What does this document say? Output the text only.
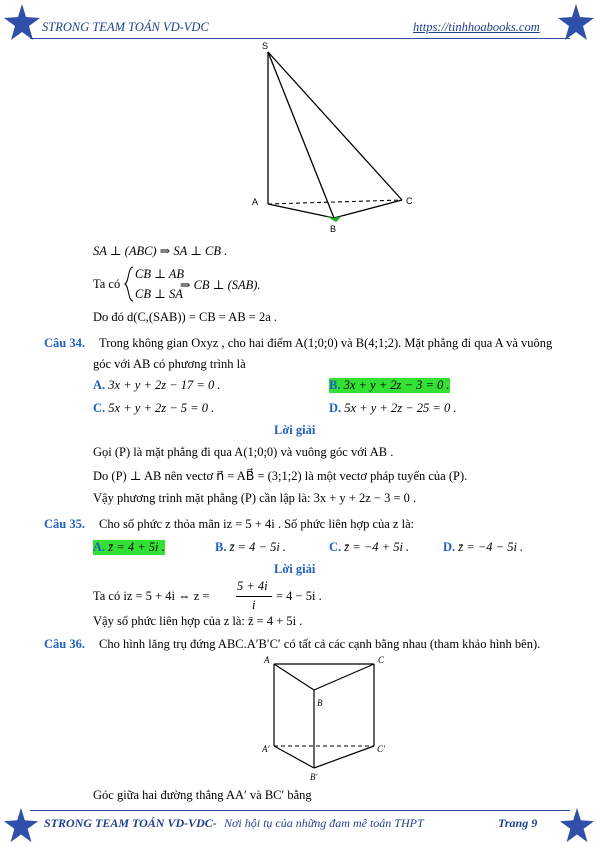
STRONG TEAM TOÁN VD-VDC	https://tinhhoabooks.com
S
A
B
C
SA ⊥ (ABC) ⇒ SA ⊥ CB .
Ta có
CB ⊥ AB
CB ⊥ SA
⇒ CB ⊥ (SAB).
Do đó d(C,(SAB)) = CB = AB = 2a .
Câu 34. Trong không gian Oxyz , cho hai điểm A(1;0;0) và B(4;1;2). Mặt phẳng đi qua A và vuông
góc với AB có phương trình là
A. 3x + y + 2z − 17 = 0 .	B. 3x + y + 2z − 3 = 0 .
C. 5x + y + 2z − 5 = 0 .	D. 5x + y + 2z − 25 = 0 .
Lời giải
Gọi (P) là mặt phẳng đi qua A(1;0;0) và vuông góc với AB .
Do (P) ⊥ AB nên vectơ n⃗ = AB⃗ = (3;1;2) là một vectơ pháp tuyến của (P).
Vậy phương trình mặt phẳng (P) cần lập là: 3x + y + 2z − 3 = 0 .
Câu 35. Cho số phức z thỏa mãn iz = 5 + 4i . Số phức liên hợp của z là:
A. z̄ = 4 + 5i .	B. z̄ = 4 − 5i .	C. z̄ = −4 + 5i .	D. z̄ = −4 − 5i .
Lời giải
Ta có iz = 5 + 4i ⇔ z =
5 + 4i
i
= 4 − 5i .
Vậy số phức liên hợp của z là: z̄ = 4 + 5i .
Câu 36. Cho hình lăng trụ đứng ABC.A′B′C′ có tất cả các cạnh bằng nhau (tham khảo hình bên).
A	C
B
A′	C′
B′
Góc giữa hai đường thẳng AA′ và BC′ bằng
STRONG TEAM TOÁN VD-VDC- Nơi hội tụ của những đam mê toán THPT	Trang 9
